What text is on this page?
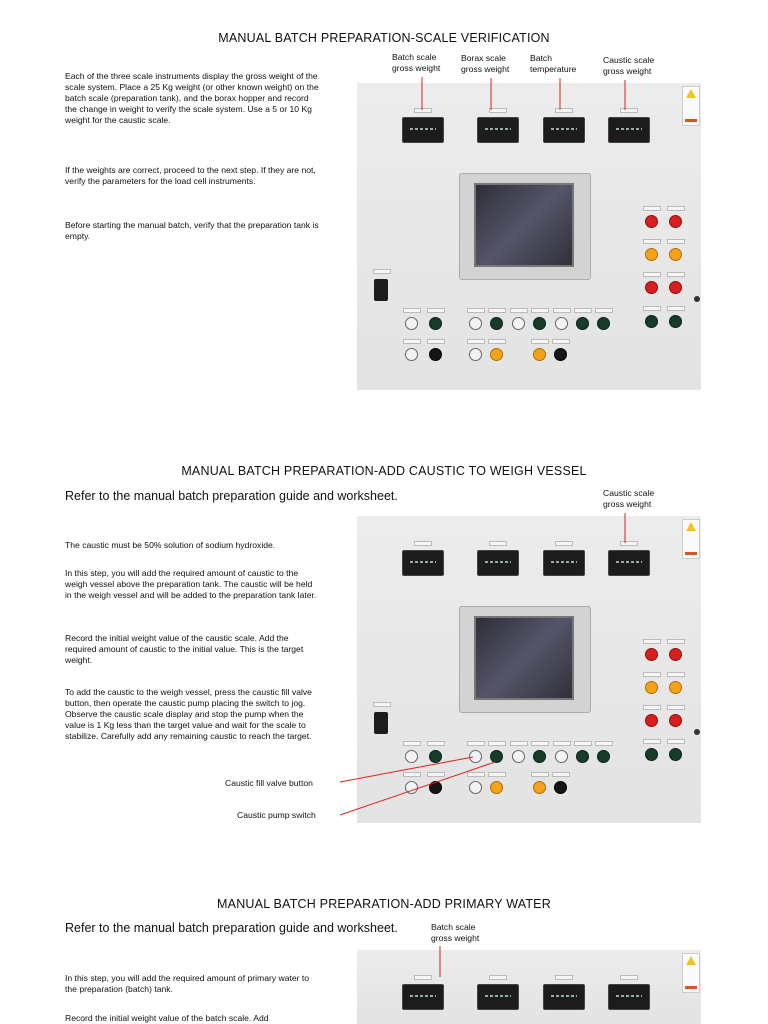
MANUAL BATCH PREPARATION-SCALE VERIFICATION

Each of the three scale instruments display the gross weight of the scale system. Place a 25 Kg weight (or other known weight) on the batch scale (preparation tank), and the borax hopper and record the change in weight to verify the scale system. Use a 5 or 10 Kg weight for the caustic scale.

If the weights are correct, proceed to the next step. If they are not, verify the parameters for the load cell instruments.

Before starting the manual batch, verify that the preparation tank is empty.

Batch scale
gross weight
Borax scale
gross weight
Batch
temperature
Caustic scale
gross weight
MANUAL BATCH PREPARATION-ADD CAUSTIC TO WEIGH VESSEL
Refer to the manual batch preparation guide and worksheet.	Caustic scale
gross weight

The caustic must be 50% solution of sodium hydroxide.

In this step, you will add the required amount of caustic to the weigh vessel above the preparation tank. The caustic will be held in the weigh vessel and will be added to the preparation tank later.

Record the initial weight value of the caustic scale. Add the required amount of caustic to the initial value. This is the target weight.

To add the caustic to the weigh vessel, press the caustic fill valve button, then operate the caustic pump placing the switch to jog. Observe the caustic scale display and stop the pump when the value is 1 Kg less than the target value and wait for the scale to stabilize. Carefully add any remaining caustic to reach the target.

Caustic fill valve button
Caustic pump switch
MANUAL BATCH PREPARATION-ADD PRIMARY WATER
Refer to the manual batch preparation guide and worksheet.	Batch scale
gross weight

In this step, you will add the required amount of primary water to the preparation (batch) tank.

Record the initial weight value of the batch scale. Add
